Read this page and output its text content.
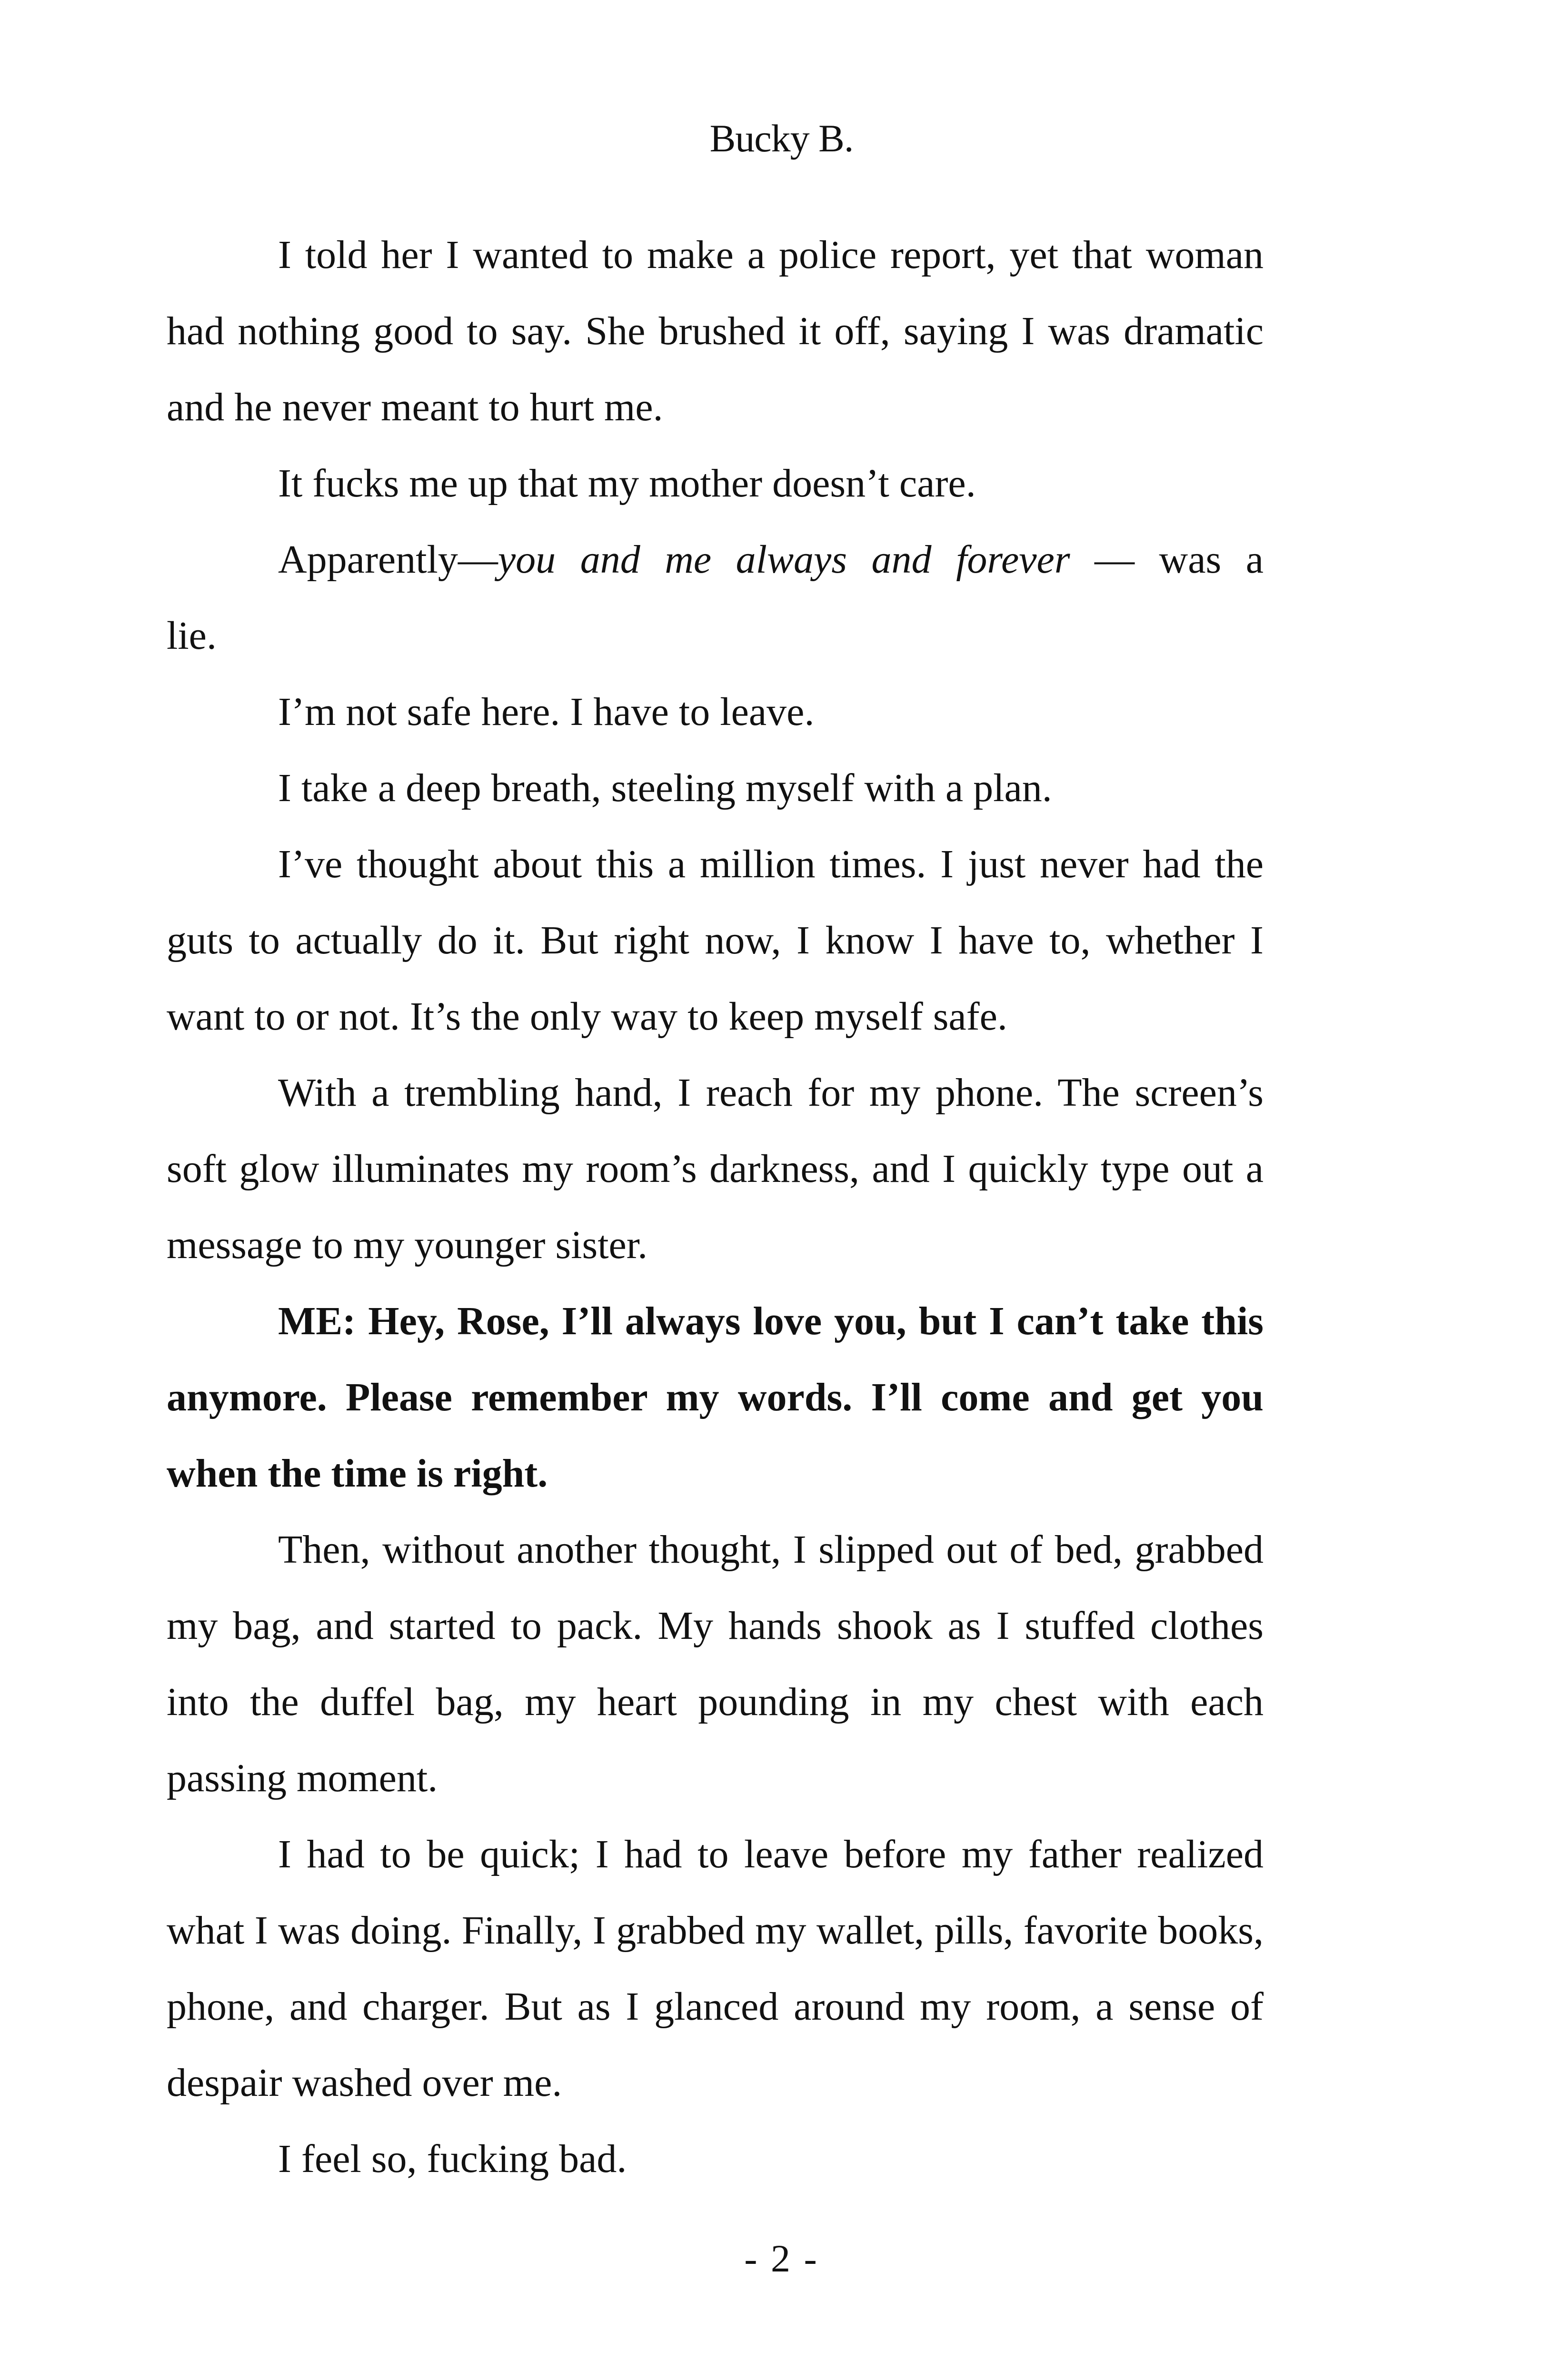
Bucky B.

I told her I wanted to make a police report, yet that woman had nothing good to say. She brushed it off, saying I was dramatic and he never meant to hurt me.

It fucks me up that my mother doesn’t care.

Apparently—you and me always and forever — was a
lie.

I’m not safe here. I have to leave.

I take a deep breath, steeling myself with a plan.

I’ve thought about this a million times. I just never had the guts to actually do it. But right now, I know I have to, whether I want to or not. It’s the only way to keep myself safe.

With a trembling hand, I reach for my phone. The screen’s soft glow illuminates my room’s darkness, and I quickly type out a message to my younger sister.

ME: Hey, Rose, I’ll always love you, but I can’t take this anymore. Please remember my words. I’ll come and get you when the time is right.

Then, without another thought, I slipped out of bed, grabbed my bag, and started to pack. My hands shook as I stuffed clothes into the duffel bag, my heart pounding in my chest with each passing moment.

I had to be quick; I had to leave before my father realized what I was doing. Finally, I grabbed my wallet, pills, favorite books, phone, and charger. But as I glanced around my room, a sense of despair washed over me.

I feel so, fucking bad.

- 2 -
